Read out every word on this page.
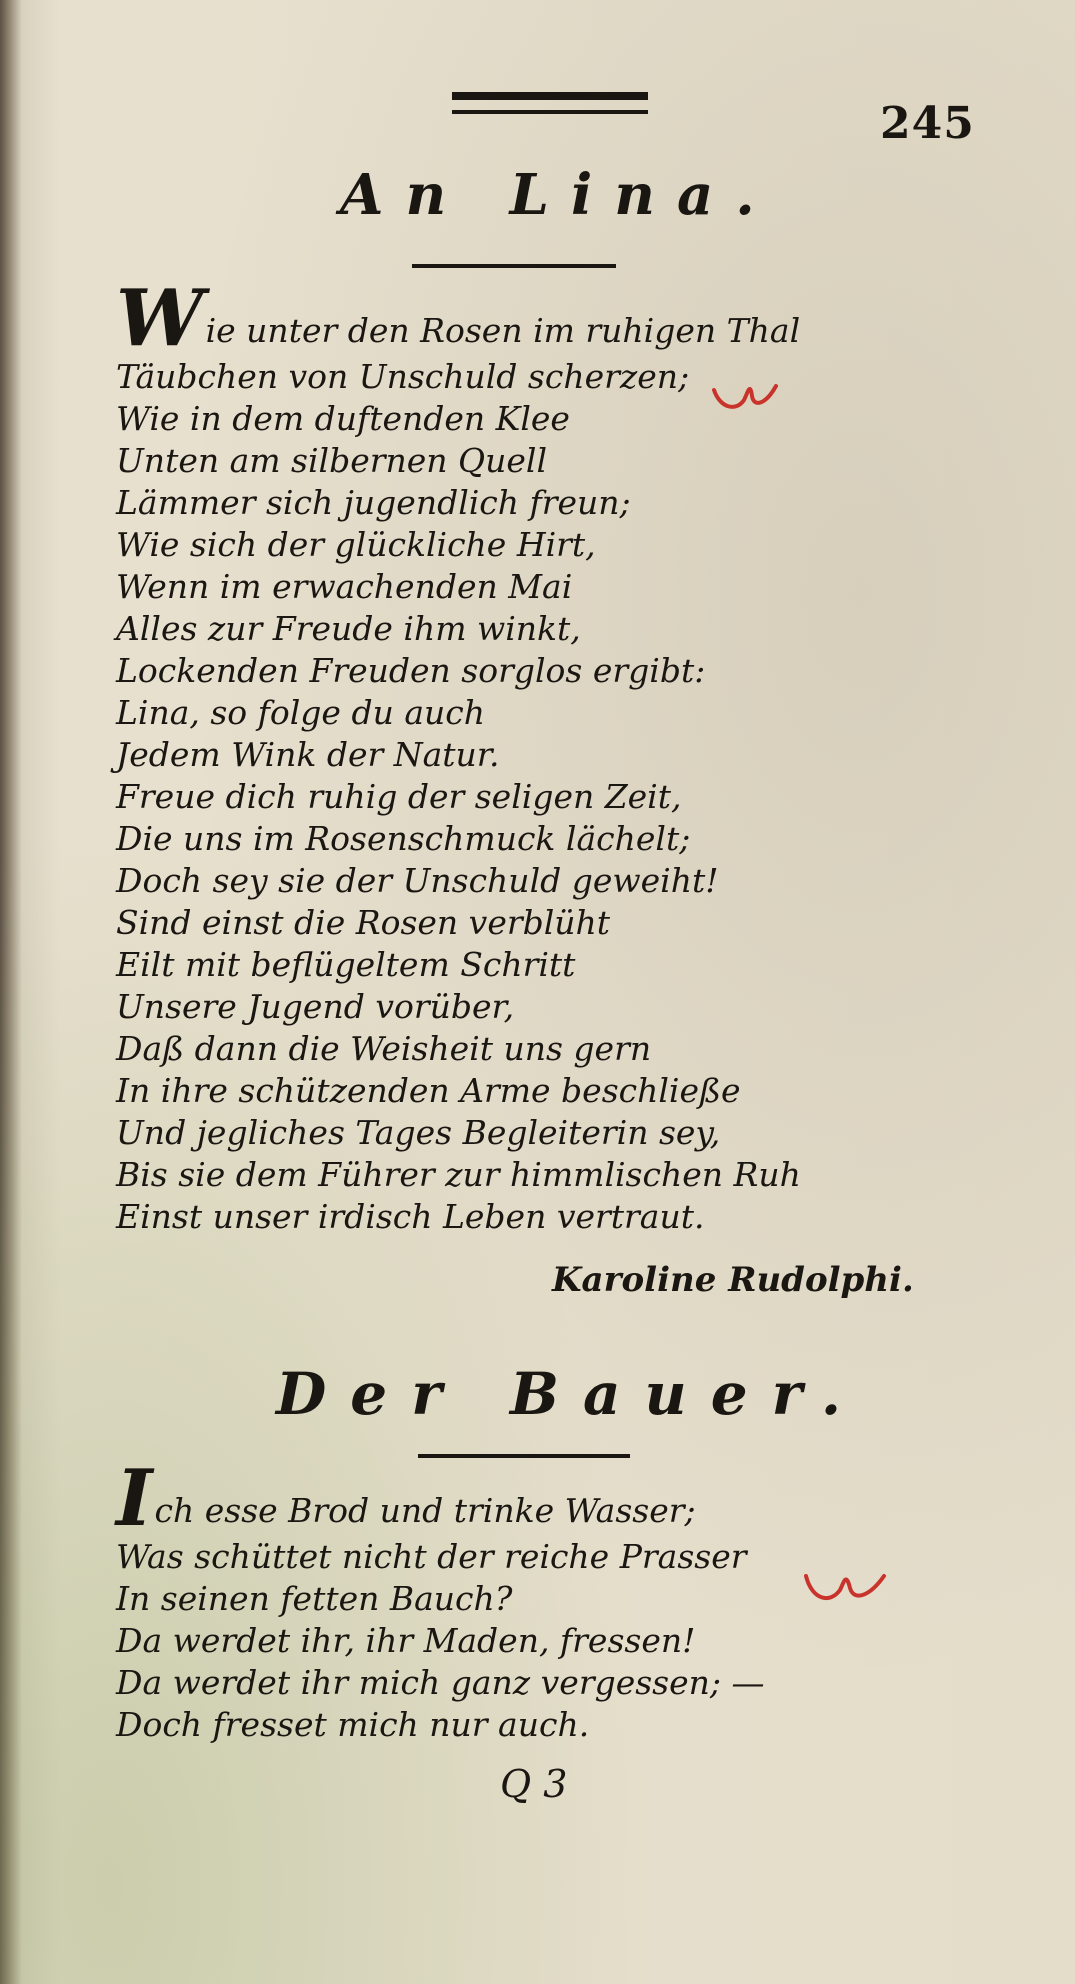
245
An Lina.
W ie unter den Rosen im ruhigen Thal
Täubchen von Unschuld scherzen;
Wie in dem duftenden Klee
Unten am silbernen Quell
Lämmer sich jugendlich freun;
Wie sich der glückliche Hirt,
Wenn im erwachenden Mai
Alles zur Freude ihm winkt,
Lockenden Freuden sorglos ergibt:
Lina, so folge du auch
Jedem Wink der Natur.
Freue dich ruhig der seligen Zeit,
Die uns im Rosenschmuck lächelt;
Doch sey sie der Unschuld geweiht!
Sind einst die Rosen verblüht
Eilt mit beflügeltem Schritt
Unsere Jugend vorüber,
Daß dann die Weisheit uns gern
In ihre schützenden Arme beschließe
Und jegliches Tages Begleiterin sey,
Bis sie dem Führer zur himmlischen Ruh
Einst unser irdisch Leben vertraut.
Karoline Rudolphi.
Der Bauer.
I ch esse Brod und trinke Wasser;
Was schüttet nicht der reiche Prasser
In seinen fetten Bauch?
Da werdet ihr, ihr Maden, fressen!
Da werdet ihr mich ganz vergessen; —
Doch fresset mich nur auch.
Q 3
